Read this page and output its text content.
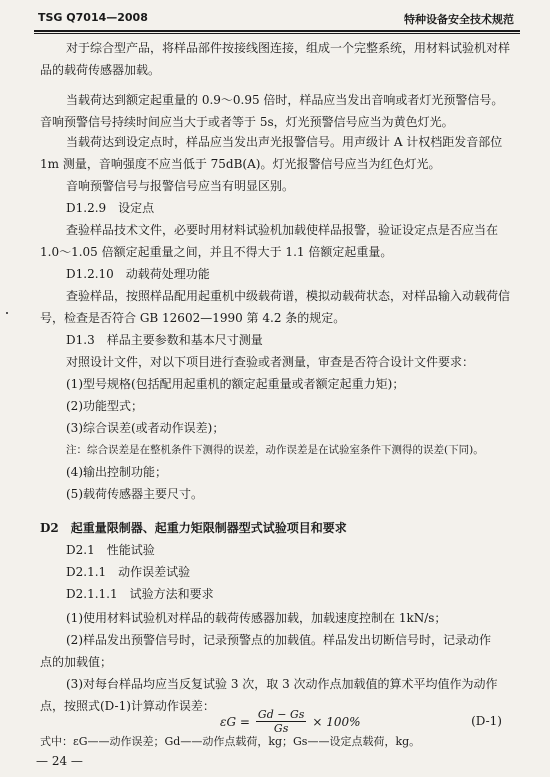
TSG Q7014—2008	特种设备安全技术规范
对于综合型产品，将样品部件按接线图连接，组成一个完整系统，用材料试验机对样
品的载荷传感器加载。
当载荷达到额定起重量的 0.9～0.95 倍时，样品应当发出音响或者灯光预警信号。
音响预警信号持续时间应当大于或者等于 5s，灯光预警信号应当为黄色灯光。
当载荷达到设定点时，样品应当发出声光报警信号。用声级计 A 计权档距发音部位
1m 测量，音响强度不应当低于 75dB(A)。灯光报警信号应当为红色灯光。
音响预警信号与报警信号应当有明显区别。
D1.2.9　设定点
查验样品技术文件，必要时用材料试验机加载使样品报警，验证设定点是否应当在
1.0～1.05 倍额定起重量之间，并且不得大于 1.1 倍额定起重量。
D1.2.10　动载荷处理功能
查验样品，按照样品配用起重机中级载荷谱，模拟动载荷状态，对样品输入动载荷信
号，检查是否符合 GB 12602—1990 第 4.2 条的规定。
D1.3　样品主要参数和基本尺寸测量
对照设计文件，对以下项目进行查验或者测量，审查是否符合设计文件要求：
(1)型号规格(包括配用起重机的额定起重量或者额定起重力矩)；
(2)功能型式；
(3)综合误差(或者动作误差)；
注：综合误差是在整机条件下测得的误差，动作误差是在试验室条件下测得的误差(下同)。
(4)输出控制功能；
(5)载荷传感器主要尺寸。
D2　起重量限制器、起重力矩限制器型式试验项目和要求
D2.1　性能试验
D2.1.1　动作误差试验
D2.1.1.1　试验方法和要求
(1)使用材料试验机对样品的载荷传感器加载，加载速度控制在 1kN/s；
(2)样品发出预警信号时，记录预警点的加载值。样品发出切断信号时，记录动作
点的加载值；
(3)对每台样品均应当反复试验 3 次，取 3 次动作点加载值的算术平均值作为动作
点，按照式(D-1)计算动作误差：
$\varepsilon G = \frac{Gd - Gs}{Gs} \times 100\%$
式中：εG——动作误差；Gd——动作点载荷，kg；Gs——设定点载荷，kg。
— 24 —
(D-1)
